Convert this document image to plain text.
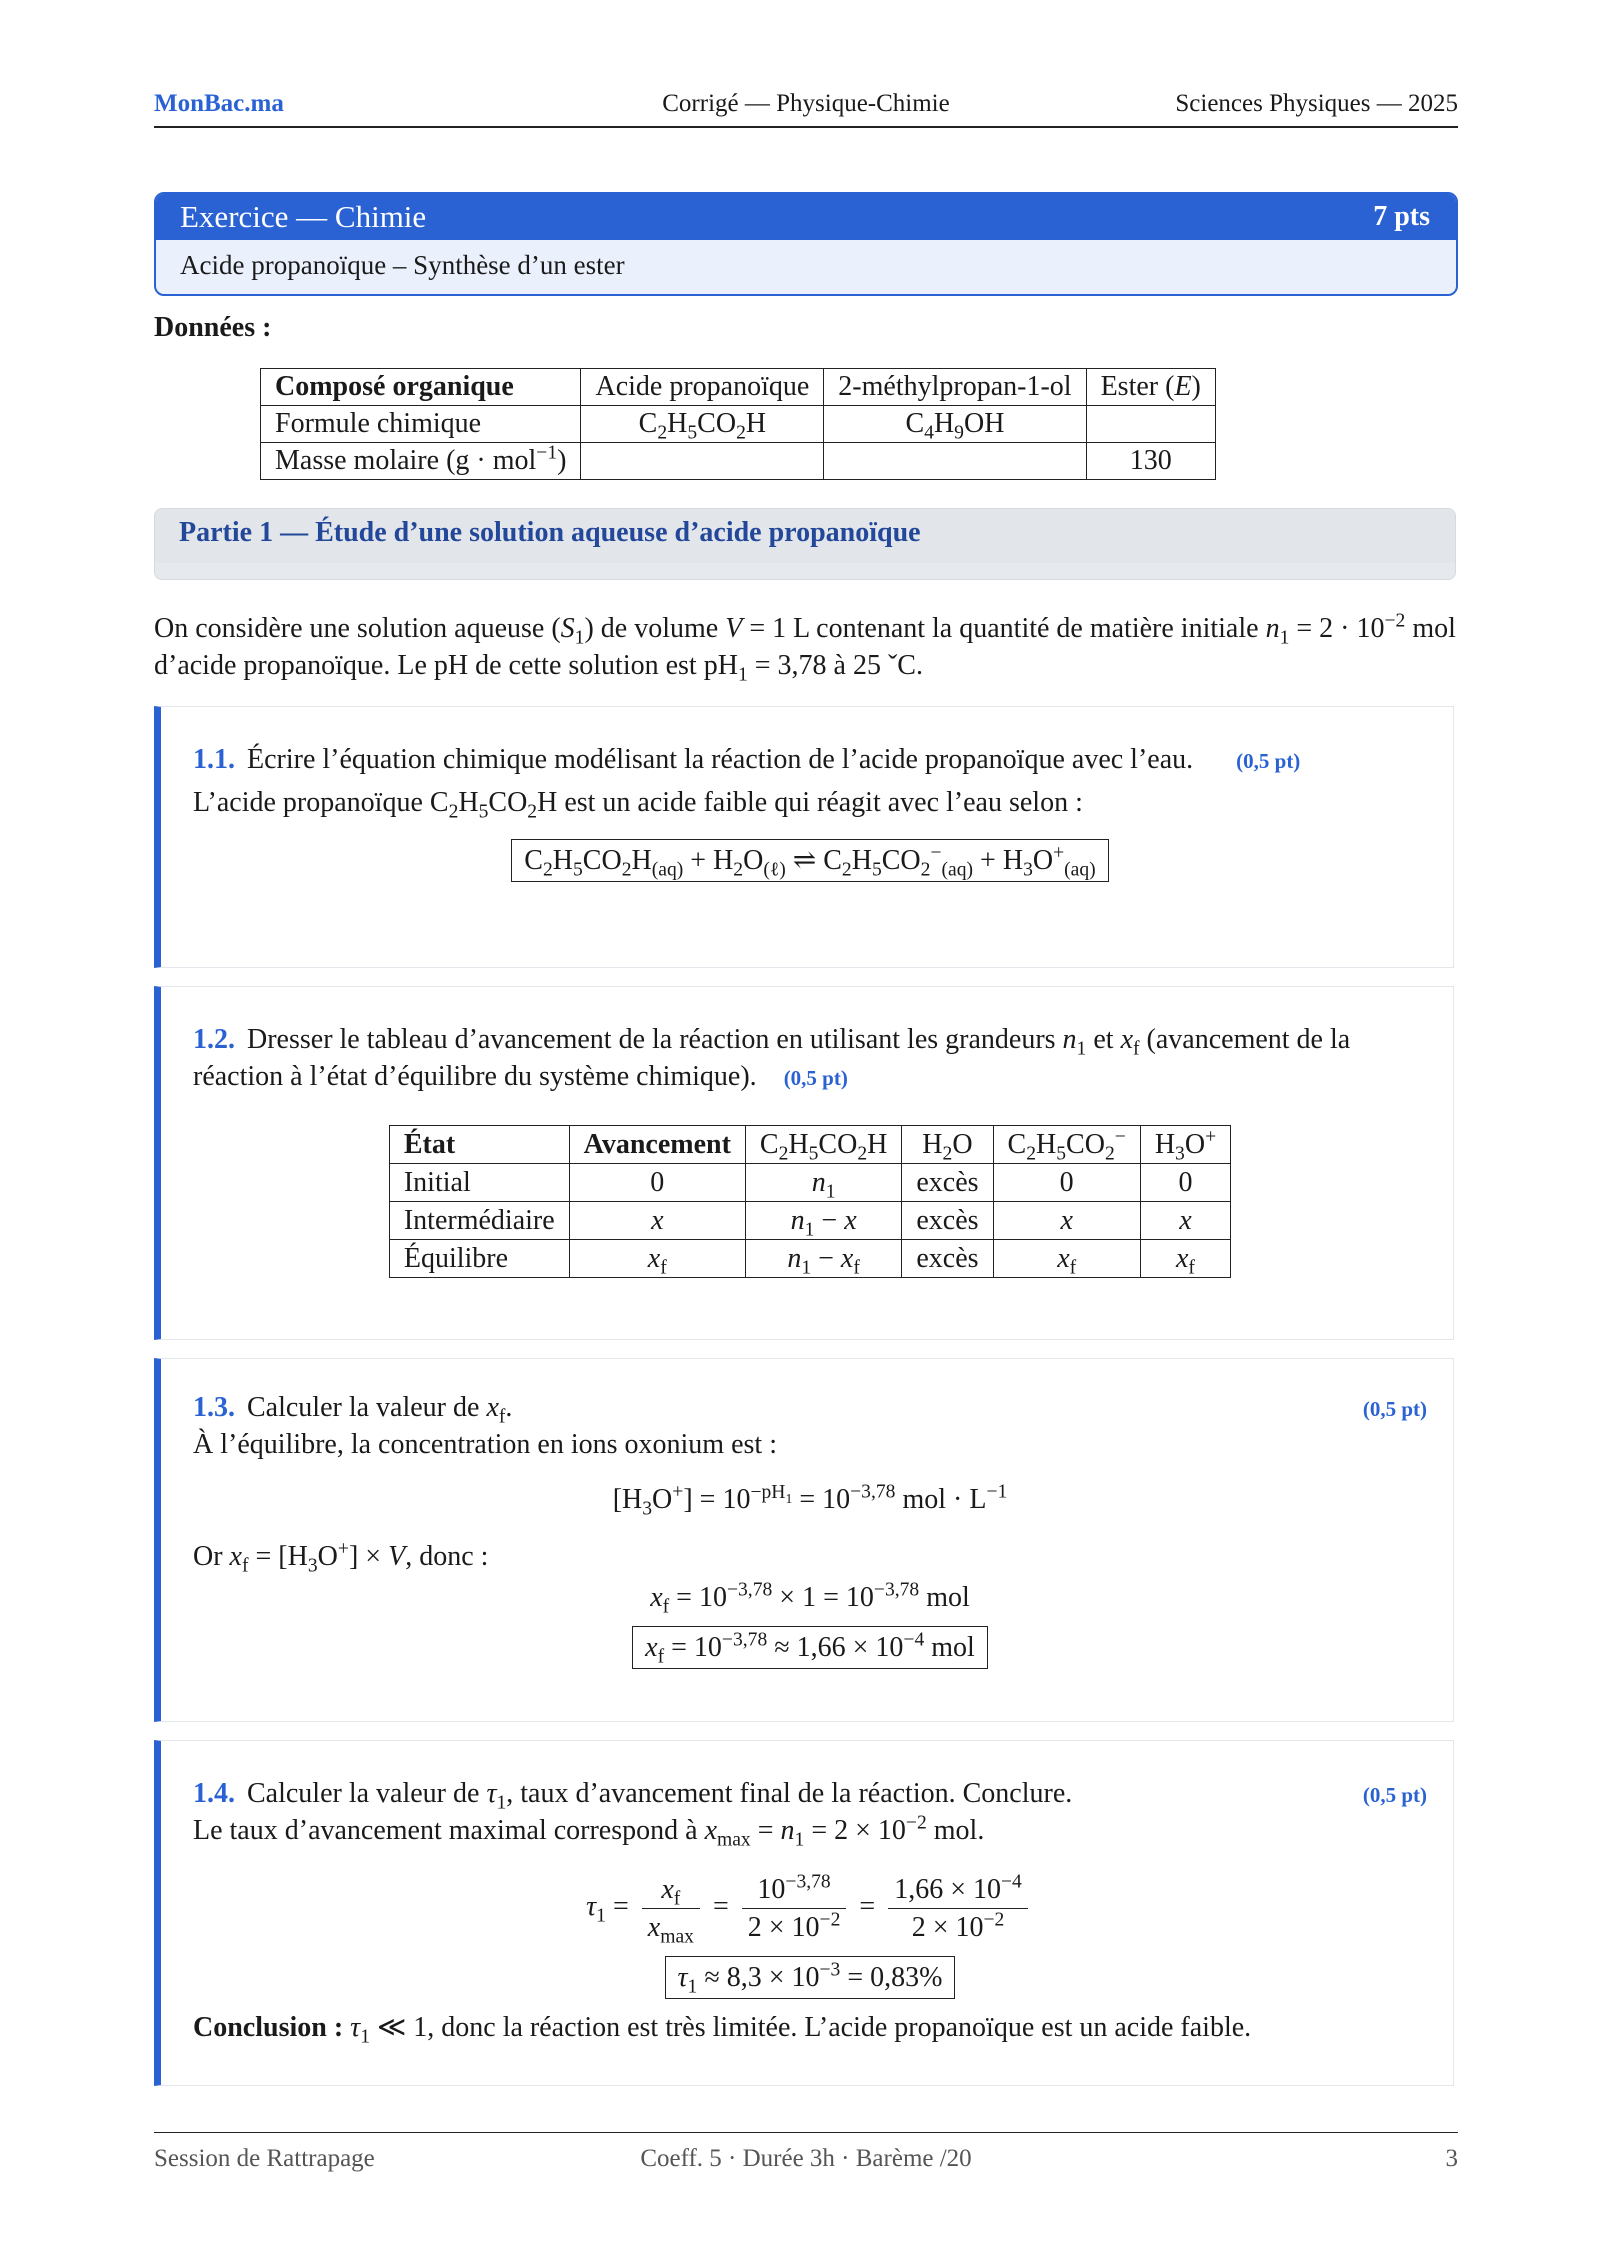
MonBac.ma	Corrigé — Physique-Chimie	Sciences Physiques — 2025
Exercice — Chimie	7 pts
Acide propanoïque – Synthèse d’un ester
Données :
Composé organique	Acide propanoïque	2-méthylpropan-1-ol	Ester (E)
Formule chimique	$C_2H_5CO_2H$	$C_4H_9OH$	
Masse molaire (g · mol$^{-1}$)			130
Partie 1 — Étude d’une solution aqueuse d’acide propanoïque
On considère une solution aqueuse $(S_1)$ de volume V = 1 L contenant la quantité de matière initiale $n_1 = 2 \cdot 10^{-2}$ mol d’acide propanoïque. Le pH de cette solution est $pH_1 = 3,78$ à 25 ˇC.
1.1. Écrire l’équation chimique modélisant la réaction de l’acide propanoïque avec l’eau. (0,5 pt)
L’acide propanoïque $C_2H_5CO_2H$ est un acide faible qui réagit avec l’eau selon :
$C_2H_5CO_2H_{(aq)} + H_2O_{(\ell)}$ ⇌ $C_2H_5CO_2^-_{(aq)} + H_3O^+_{(aq)}$
1.2. Dresser le tableau d’avancement de la réaction en utilisant les grandeurs $n_1$ et $x_f$ (avancement de la réaction à l’état d’équilibre du système chimique). (0,5 pt)
État	Avancement	$C_2H_5CO_2H$	$H_2O$	$C_2H_5CO_2^-$	$H_3O^+$
Initial	0	$n_1$	excès	0	0
Intermédiaire	x	$n_1 - x$	excès	x	x
Équilibre	$x_f$	$n_1 - x_f$	excès	$x_f$	$x_f$
1.3. Calculer la valeur de $x_f$.	(0,5 pt)
À l’équilibre, la concentration en ions oxonium est :
$[H_3O^+] = 10^{-pH_1} = 10^{-3,78}$ mol · $L^{-1}$
Or $x_f = [H_3O^+] \times V$, donc :
$x_f = 10^{-3,78} \times 1 = 10^{-3,78}$ mol
$x_f = 10^{-3,78} \approx 1,66 \times 10^{-4}$ mol
1.4. Calculer la valeur de $\tau_1$, taux d’avancement final de la réaction. Conclure.	(0,5 pt)
Le taux d’avancement maximal correspond à $x_{max} = n_1 = 2 \times 10^{-2}$ mol.
$\tau_1 = \frac{x_f}{x_{max}} = \frac{10^{-3,78}}{2 \times 10^{-2}} = \frac{1,66 \times 10^{-4}}{2 \times 10^{-2}}$
$\tau_1 \approx 8,3 \times 10^{-3} = 0,83\%$
Conclusion : $\tau_1$ ≪ 1, donc la réaction est très limitée. L’acide propanoïque est un acide faible.
Session de Rattrapage	Coeff. 5 · Durée 3h · Barème /20	3
